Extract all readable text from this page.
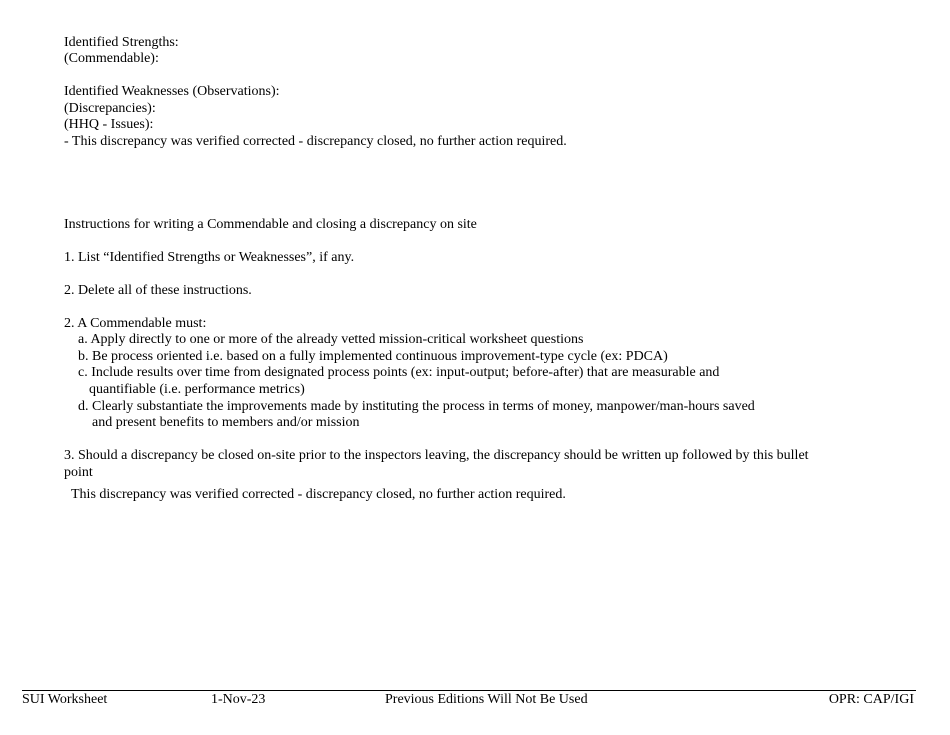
Identified Strengths:
(Commendable):
Identified Weaknesses (Observations):
(Discrepancies):
(HHQ - Issues):
- This discrepancy was verified corrected - discrepancy closed, no further action required.
Instructions for writing a Commendable and closing a discrepancy on site
1. List “Identified Strengths or Weaknesses”, if any.
2. Delete all of these instructions.
2. A Commendable must:
a. Apply directly to one or more of the already vetted mission-critical worksheet questions
b. Be process oriented i.e. based on a fully implemented continuous improvement-type cycle (ex: PDCA)
c. Include results over time from designated process points (ex: input-output; before-after) that are measurable and
quantifiable (i.e. performance metrics)
d. Clearly substantiate the improvements made by instituting the process in terms of money, manpower/man-hours saved
and present benefits to members and/or mission
3. Should a discrepancy be closed on-site prior to the inspectors leaving, the discrepancy should be written up followed by this bullet
point
This discrepancy was verified corrected - discrepancy closed, no further action required.
SUI Worksheet	1-Nov-23	Previous Editions Will Not Be Used	OPR: CAP/IGI
